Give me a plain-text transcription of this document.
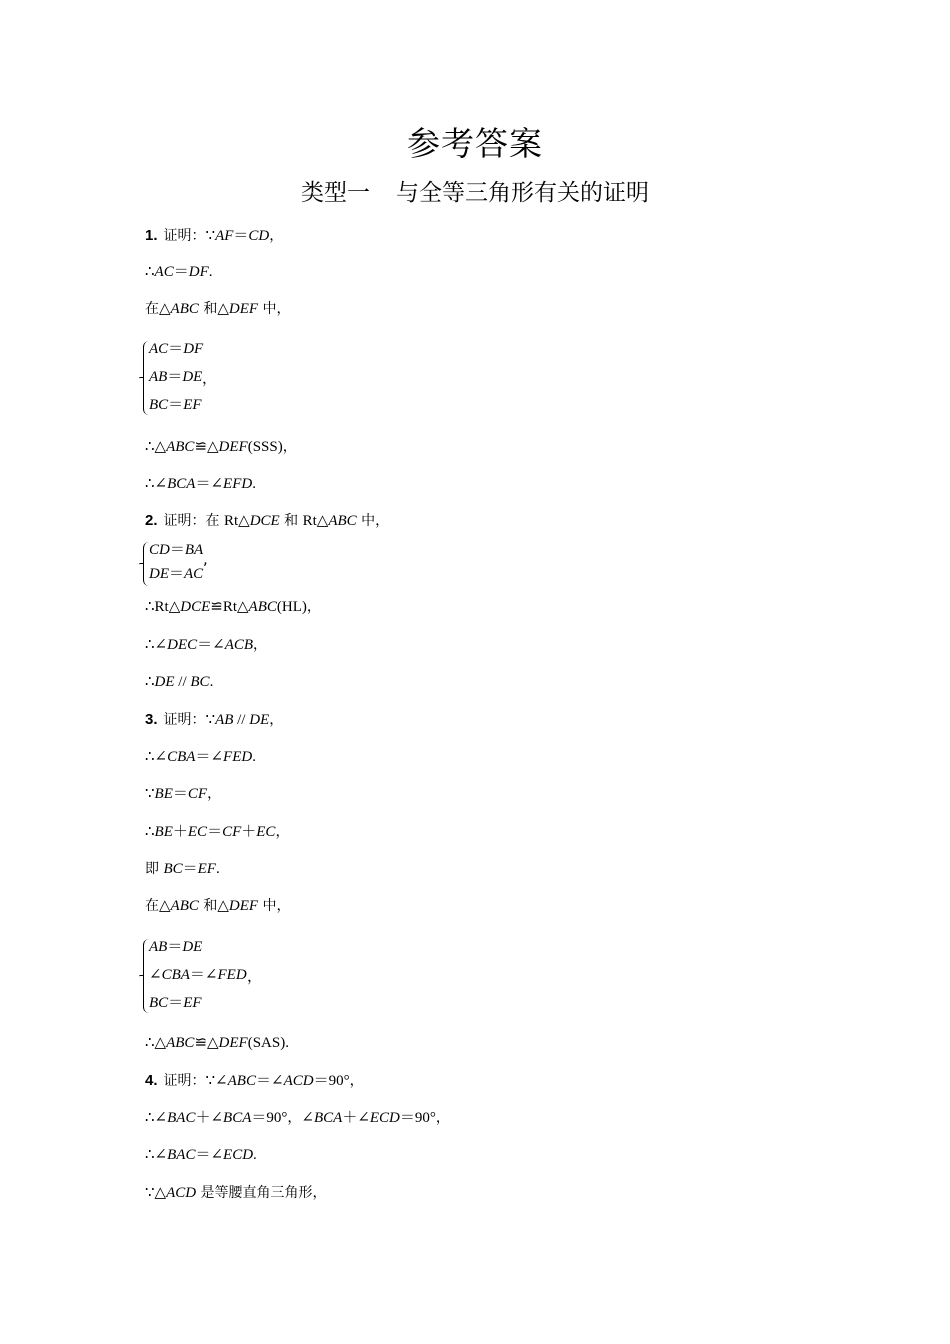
参考答案
类型一 与全等三角形有关的证明
1. 证明：∵AF＝CD，
∴AC＝DF.
在△ABC 和△DEF 中，
∴△ABC≌△DEF(SSS)，
∴∠BCA＝∠EFD.
AC＝DF
AB＝DE
BC＝EF
，
2. 证明：在 Rt△DCE 和 Rt△ABC 中，
∴Rt△DCE≌Rt△ABC(HL)，
∴∠DEC＝∠ACB，
∴DE // BC.
CD＝BA
DE＝AC
,
3. 证明：∵AB // DE，
∴∠CBA＝∠FED.
∵BE＝CF，
∴BE＋EC＝CF＋EC，
即 BC＝EF.
在△ABC 和△DEF 中，
∴△ABC≌△DEF(SAS).
AB＝DE
∠CBA＝∠FED
BC＝EF
，
4. 证明：∵∠ABC＝∠ACD＝90°，
∴∠BAC＋∠BCA＝90°，∠BCA＋∠ECD＝90°，
∴∠BAC＝∠ECD.
∵△ACD 是等腰直角三角形，
